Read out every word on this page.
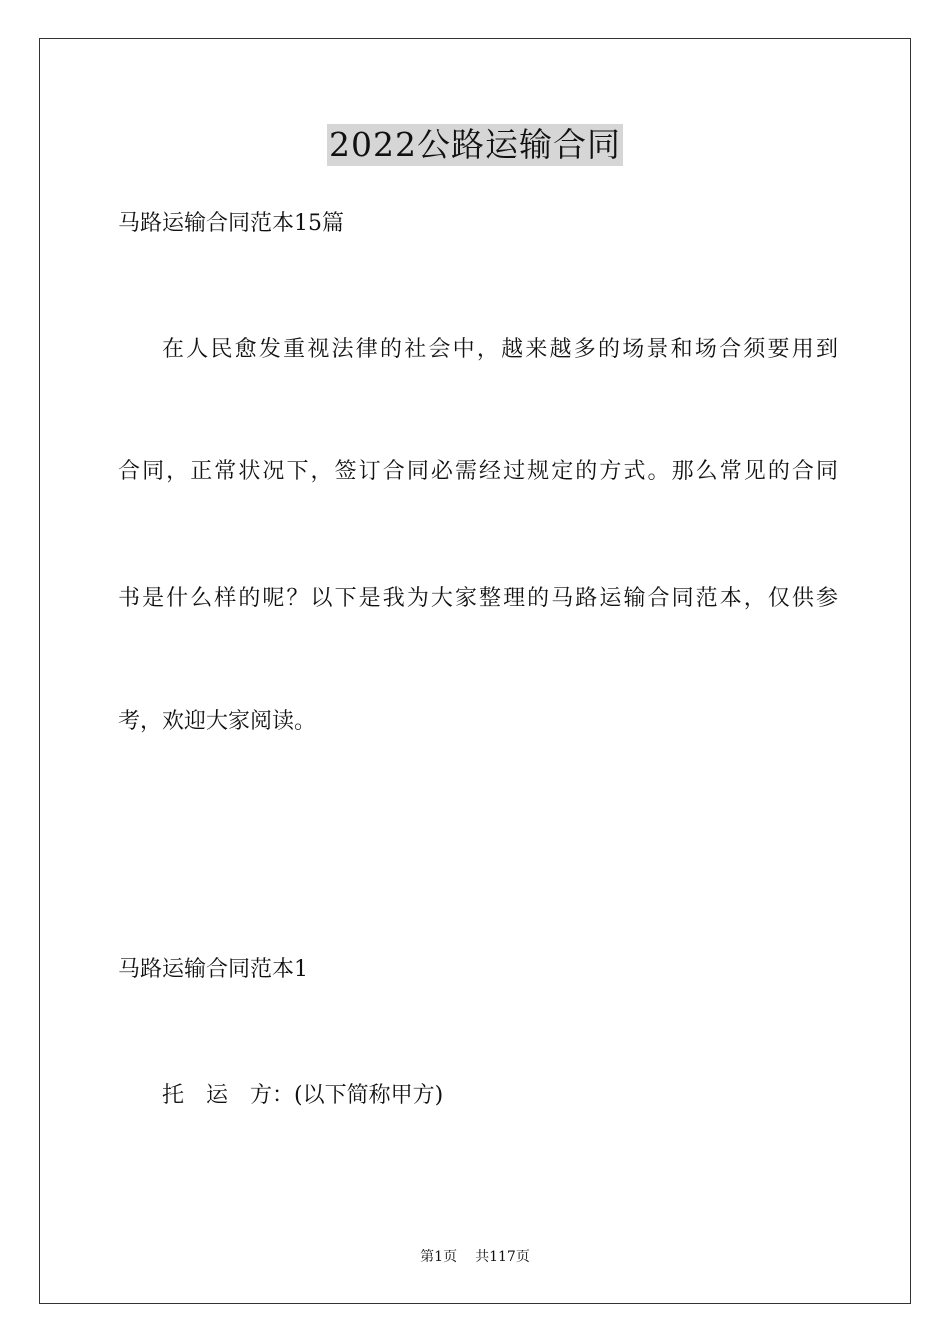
2022公路运输合同

马路运输合同范本15篇

在人民愈发重视法律的社会中，越来越多的场景和场合须要用到

合同，正常状况下，签订合同必需经过规定的方式。那么常见的合同

书是什么样的呢？以下是我为大家整理的马路运输合同范本，仅供参

考，欢迎大家阅读。

马路运输合同范本1

托　运　方：(以下简称甲方)

第1页 共117页
